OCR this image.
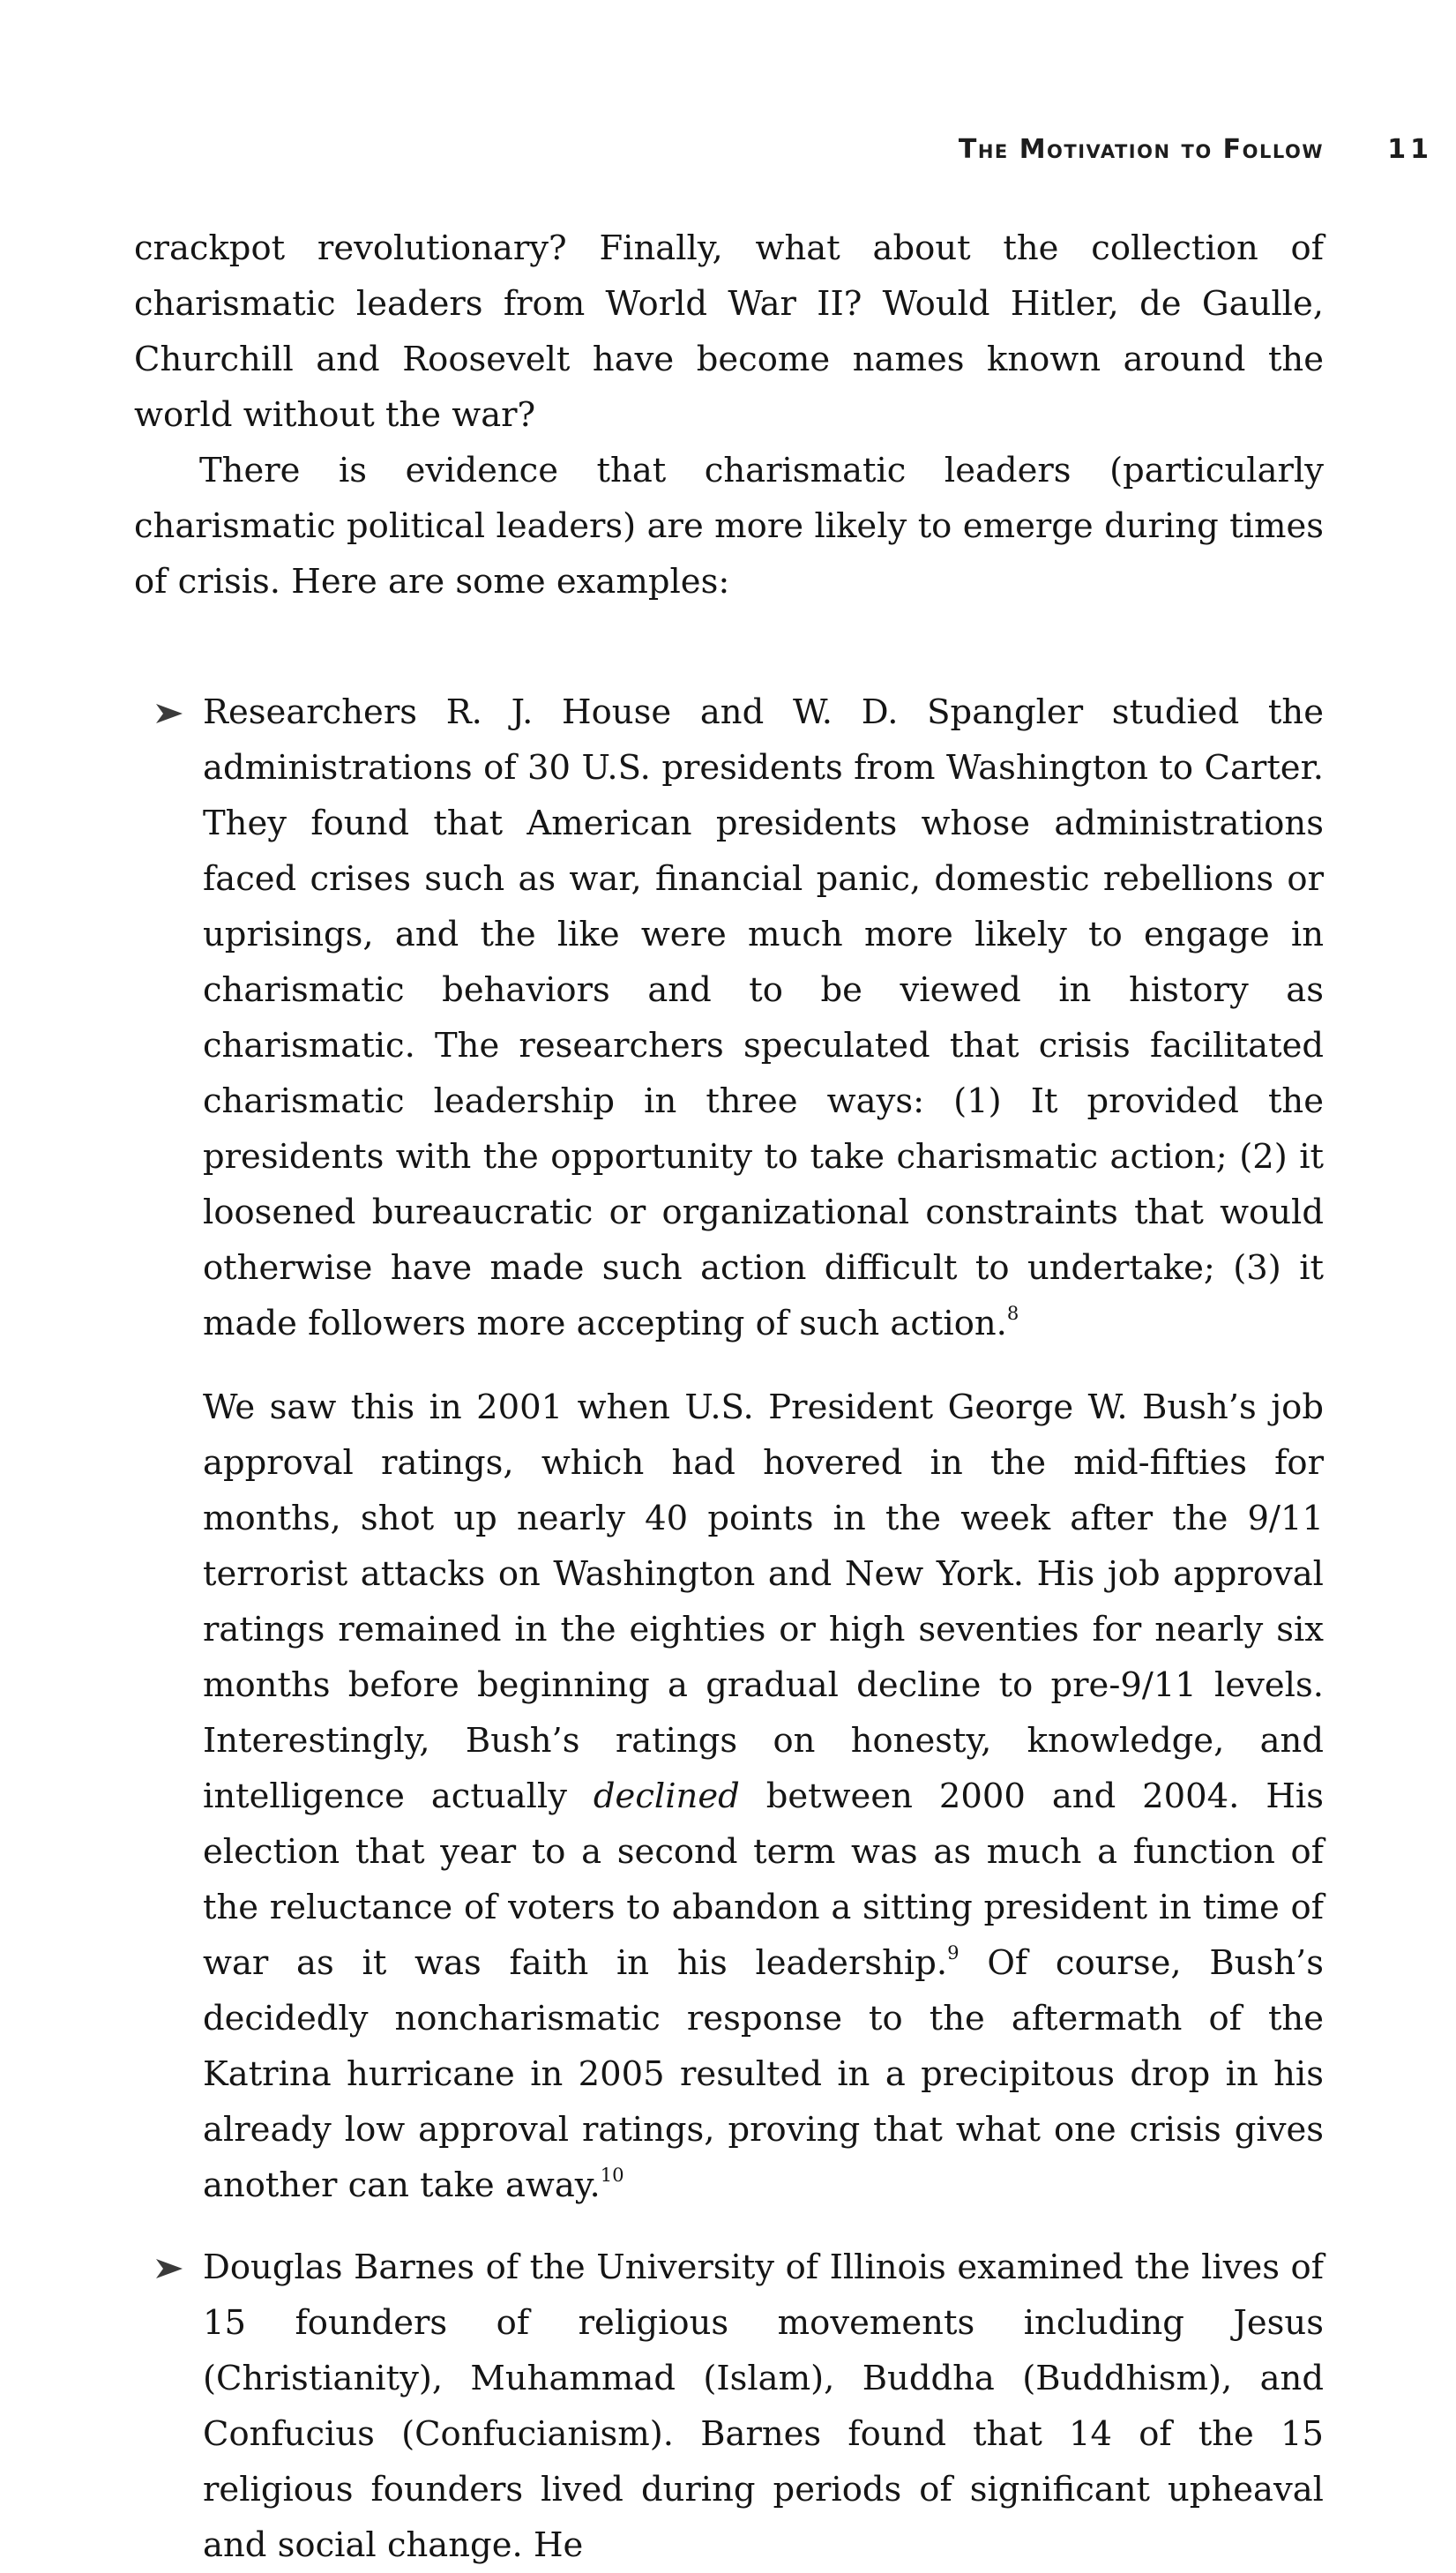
The Motivation to Follow 11

crackpot revolutionary? Finally, what about the collection of charismatic leaders from World War II? Would Hitler, de Gaulle, Churchill and Roosevelt have become names known around the world without the war?

There is evidence that charismatic leaders (particularly charismatic political leaders) are more likely to emerge during times of crisis. Here are some examples:

Researchers R. J. House and W. D. Spangler studied the administrations of 30 U.S. presidents from Washington to Carter. They found that American presidents whose administrations faced crises such as war, financial panic, domestic rebellions or uprisings, and the like were much more likely to engage in charismatic behaviors and to be viewed in history as charismatic. The researchers speculated that crisis facilitated charismatic leadership in three ways: (1) It provided the presidents with the opportunity to take charismatic action; (2) it loosened bureaucratic or organizational constraints that would otherwise have made such action difficult to undertake; (3) it made followers more accepting of such action.$^8$

We saw this in 2001 when U.S. President George W. Bush’s job approval ratings, which had hovered in the mid-fifties for months, shot up nearly 40 points in the week after the 9/11 terrorist attacks on Washington and New York. His job approval ratings remained in the eighties or high seventies for nearly six months before beginning a gradual decline to pre-9/11 levels. Interestingly, Bush’s ratings on honesty, knowledge, and intelligence actually declined between 2000 and 2004. His election that year to a second term was as much a function of the reluctance of voters to abandon a sitting president in time of war as it was faith in his leadership.$^9$ Of course, Bush’s decidedly noncharismatic response to the aftermath of the Katrina hurricane in 2005 resulted in a precipitous drop in his already low approval ratings, proving that what one crisis gives another can take away.$^{10}$

Douglas Barnes of the University of Illinois examined the lives of 15 founders of religious movements including Jesus (Christianity), Muhammad (Islam), Buddha (Buddhism), and Confucius (Confucianism). Barnes found that 14 of the 15 religious founders lived during periods of significant upheaval and social change. He
